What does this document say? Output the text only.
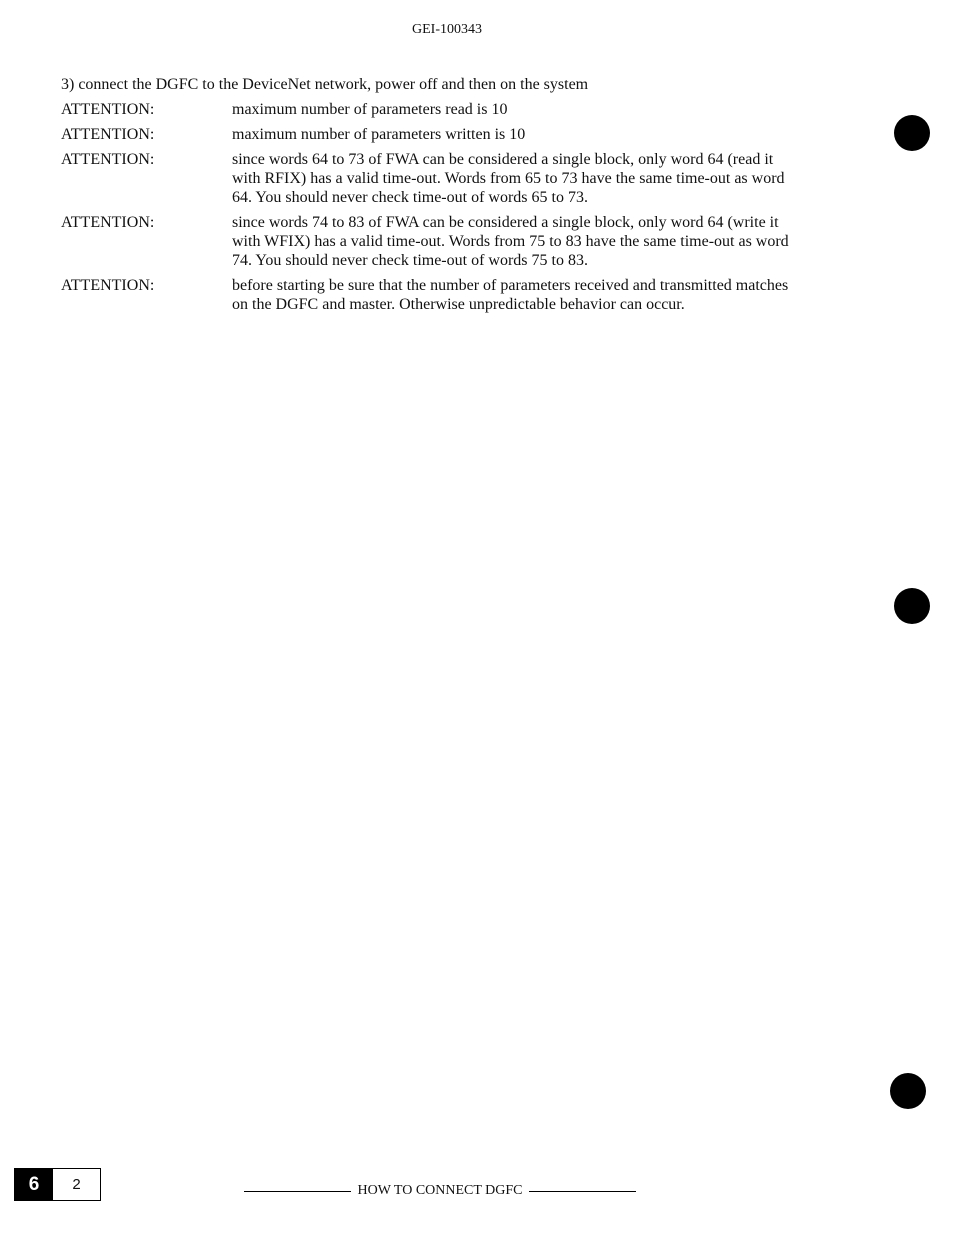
GEI-100343
3) connect the DGFC to the DeviceNet network, power off and then on the system
ATTENTION:	maximum number of parameters read is 10
ATTENTION:	maximum number of parameters written is 10
ATTENTION:	since words 64 to 73 of FWA can be considered a single block, only word 64 (read it
with RFIX) has a valid time-out. Words from 65 to 73 have the same time-out as word
64. You should never check time-out of words 65 to 73.
ATTENTION:	since words 74 to 83 of FWA can be considered a single block, only word 64 (write it
with WFIX) has a valid time-out. Words from 75 to 83 have the same time-out as word
74. You should never check time-out of words 75 to 83.
ATTENTION:	before starting be sure that the number of parameters received and transmitted matches
on the DGFC and master. Otherwise unpredictable behavior can occur.
6	2	HOW TO CONNECT DGFC
